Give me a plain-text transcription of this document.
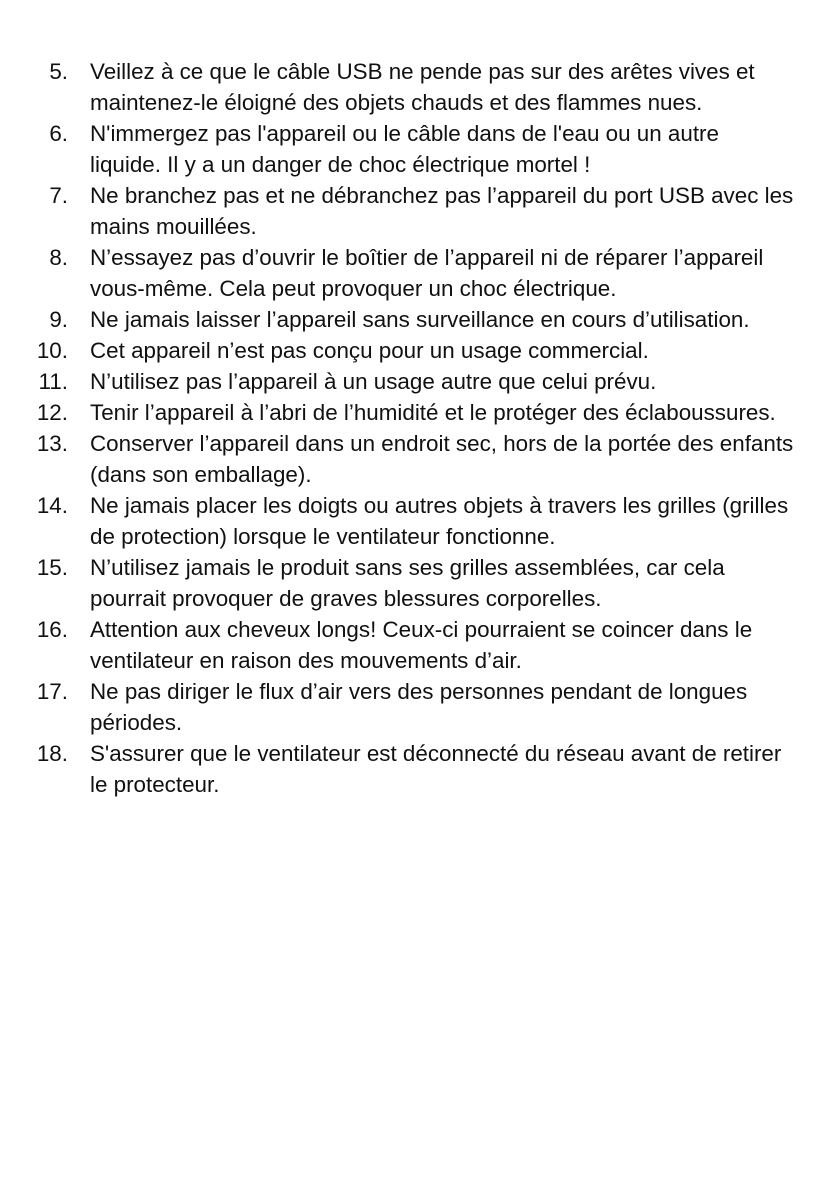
5. Veillez à ce que le câble USB ne pende pas sur des arêtes vives et maintenez-le éloigné des objets chauds et des flammes nues.
6. N'immergez pas l'appareil ou le câble dans de l'eau ou un autre liquide. Il y a un danger de choc électrique mortel !
7. Ne branchez pas et ne débranchez pas l’appareil du port USB avec les mains mouillées.
8. N’essayez pas d’ouvrir le boîtier de l’appareil ni de réparer l’appareil vous-même. Cela peut provoquer un choc électrique.
9. Ne jamais laisser l’appareil sans surveillance en cours d’utilisation.
10. Cet appareil n’est pas conçu pour un usage commercial.
11. N’utilisez pas l’appareil à un usage autre que celui prévu.
12. Tenir l’appareil à l’abri de l’humidité et le protéger des éclaboussures.
13. Conserver l’appareil dans un endroit sec, hors de la portée des enfants (dans son emballage).
14. Ne jamais placer les doigts ou autres objets à travers les grilles (grilles de protection) lorsque le ventilateur fonctionne.
15. N’utilisez jamais le produit sans ses grilles assemblées, car cela pourrait provoquer de graves blessures corporelles.
16. Attention aux cheveux longs! Ceux-ci pourraient se coincer dans le ventilateur en raison des mouvements d’air.
17. Ne pas diriger le flux d’air vers des personnes pendant de longues périodes.
18. S'assurer que le ventilateur est déconnecté du réseau avant de retirer le protecteur.
